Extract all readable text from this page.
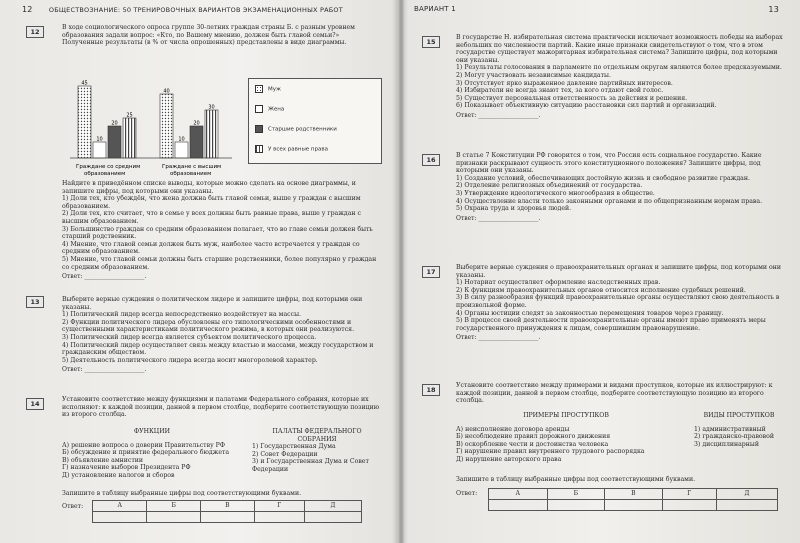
12	ОБЩЕСТВОЗНАНИЕ: 50 ТРЕНИРОВОЧНЫХ ВАРИАНТОВ ЭКЗАМЕНАЦИОННЫХ РАБОТ
12
В ходе социологического опроса группе 30-летних граждан страны Б. с разным уровнем образования задали вопрос: «Кто, по Вашему мнению, должен быть главой семьи?» Полученные результаты (в % от числа опрошенных) представлены в виде диаграммы.
45
10
20
25
40
10
20
30
Граждане со средним
образованием
Граждане с высшим
образованием
Муж
Жена
Старшие родственники
У всех равные права
Найдите в приведённом списке выводы, которые можно сделать на основе диаграммы, и запишите цифры, под которыми они указаны.
1) Доли тех, кто убеждён, что жена должна быть главой семьи, выше у граждан с высшим образованием.
2) Доли тех, кто считает, что в семье у всех должны быть равные права, выше у граждан с высшим образованием.
3) Большинство граждан со средним образованием полагает, что во главе семьи должен быть старший родственник.
4) Мнение, что главой семьи должен быть муж, наиболее часто встречается у граждан со средним образованием.
5) Мнение, что главой семьи должны быть старшие родственники, более популярно у граждан со средним образованием.
Ответ: ____________________.
13	Выберите верные суждения о политическом лидере и запишите цифры, под которыми они указаны.
1) Политический лидер всегда непосредственно воздействует на массы.
2) Функции политического лидера обусловлены его типологическими особенностями и существенными характеристиками политического режима, в которых они реализуются.
3) Политический лидер всегда является субъектом политического процесса.
4) Политический лидер осуществляет связь между властью и массами, между государством и гражданским обществом.
5) Деятельность политического лидера всегда носит многоролевой характер.
Ответ: ____________________.
14
Установите соответствие между функциями и палатами Федерального собрания, которые их исполняют: к каждой позиции, данной в первом столбце, подберите соответствующую позицию из второго столбца.
ФУНКЦИИ
А) решение вопроса о доверии Правительству РФ
Б) обсуждение и принятие федерального бюджета
В) объявление амнистии
Г) назначение выборов Президента РФ
Д) установление налогов и сборов
ПАЛАТЫ ФЕДЕРАЛЬНОГО СОБРАНИЯ
1) Государственная Дума
2) Совет Федерации
3) и Государственная Дума и Совет Федерации
Запишите в таблицу выбранные цифры под соответствующими буквами.
Ответ:	А	Б	В	Г	Д

ВАРИАНТ 1	13
15
В государстве Н. избирательная система практически исключает возможность победы на выборах небольших по численности партий. Какие иные признаки свидетельствуют о том, что в этом государстве существует мажоритарная избирательная система? Запишите цифры, под которыми они указаны.
1) Результаты голосования в парламенте по отдельным округам являются более предсказуемыми.
2) Могут участвовать независимые кандидаты.
3) Отсутствует ярко выраженное давление партийных интересов.
4) Избиратели не всегда знают тех, за кого отдают свой голос.
5) Существует персональная ответственность за действия и решения.
6) Показывает объективную ситуацию расстановки сил партий и организаций.
Ответ: ____________________.
16
В статье 7 Конституции РФ говорится о том, что Россия есть социальное государство. Какие признаки раскрывают сущность этого конституционного положения? Запишите цифры, под которыми они указаны.
1) Создание условий, обеспечивающих достойную жизнь и свободное развитие граждан.
2) Отделение религиозных объединений от государства.
3) Утверждение идеологического многообразия в обществе.
4) Осуществление власти только законными органами и по общепризнанным нормам права.
5) Охрана труда и здоровья людей.
Ответ: ____________________.
17
Выберите верные суждения о правоохранительных органах и запишите цифры, под которыми они указаны.
1) Нотариат осуществляет оформление наследственных прав.
2) К функциям правоохранительных органов относится исполнение судебных решений.
3) В силу разнообразия функций правоохранительные органы осуществляют свою деятельность в произвольной форме.
4) Органы юстиции следят за законностью перемещения товаров через границу.
5) В процессе своей деятельности правоохранительные органы имеют право применять меры государственного принуждения к лицам, совершившим правонарушение.
Ответ: ____________________.
18
Установите соответствие между примерами и видами проступков, которые их иллюстрируют: к каждой позиции, данной в первом столбце, подберите соответствующую позицию из второго столбца.
ПРИМЕРЫ ПРОСТУПКОВ
А) неисполнение договора аренды
Б) несоблюдение правил дорожного движения
В) оскорбление чести и достоинства человека
Г) нарушение правил внутреннего трудового распорядка
Д) нарушение авторского права
ВИДЫ ПРОСТУПКОВ
1) административный
2) гражданско-правовой
3) дисциплинарный
Запишите в таблицу выбранные цифры под соответствующими буквами.
Ответ:	А	Б	В	Г	Д
